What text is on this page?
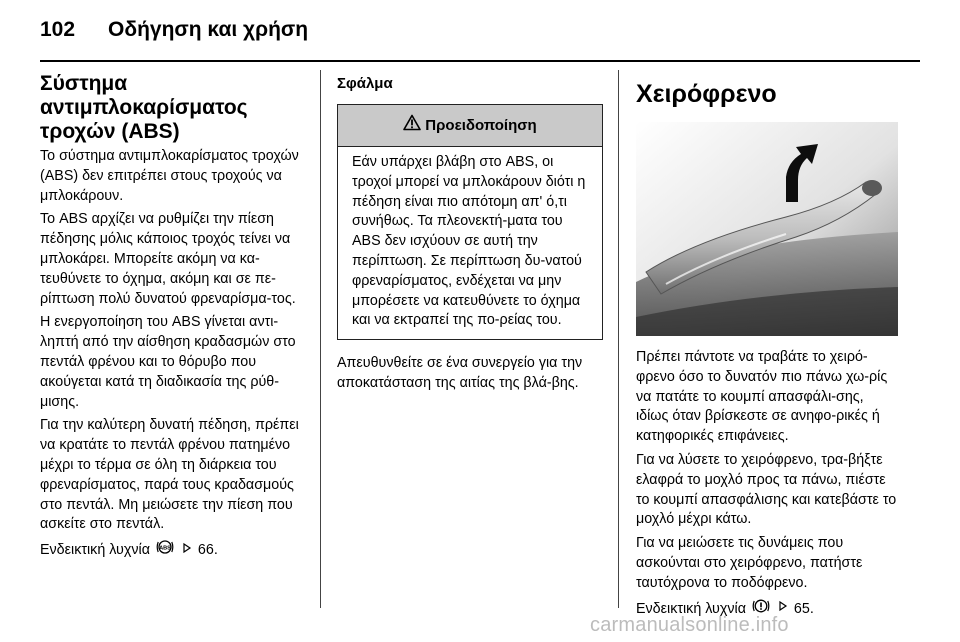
102	Οδήγηση και χρήση
Σύστημα
αντιμπλοκαρίσματος
τροχών (ABS)

Το σύστημα αντιμπλοκαρίσματος τροχών (ABS) δεν επιτρέπει στους τροχούς να μπλοκάρουν.

Το ABS αρχίζει να ρυθμίζει την πίεση πέδησης μόλις κάποιος τροχός τείνει να μπλοκάρει. Μπορείτε ακόμη να κα-τευθύνετε το όχημα, ακόμη και σε πε-ρίπτωση πολύ δυνατού φρεναρίσμα-τος.

Η ενεργοποίηση του ABS γίνεται αντι-ληπτή από την αίσθηση κραδασμών στο πεντάλ φρένου και το θόρυβο που ακούγεται κατά τη διαδικασία της ρύθ-μισης.

Για την καλύτερη δυνατή πέδηση, πρέπει να κρατάτε το πεντάλ φρένου πατημένο μέχρι το τέρμα σε όλη τη διάρκεια του φρεναρίσματος, παρά τους κραδασμούς στο πεντάλ. Μη μειώσετε την πίεση που ασκείτε στο πεντάλ.

Ενδεικτική λυχνία ABS 66.

Σφάλμα
Προειδοποίηση
Εάν υπάρχει βλάβη στο ABS, οι τροχοί μπορεί να μπλοκάρουν διότι η πέδηση είναι πιο απότομη απ' ό,τι συνήθως. Τα πλεονεκτή-ματα του ABS δεν ισχύουν σε αυτή την περίπτωση. Σε περίπτωση δυ-νατού φρεναρίσματος, ενδέχεται να μην μπορέσετε να κατευθύνετε το όχημα και να εκτραπεί της πο-ρείας του.

Απευθυνθείτε σε ένα συνεργείο για την αποκατάσταση της αιτίας της βλά-βης.

Χειρόφρενο

Πρέπει πάντοτε να τραβάτε το χειρό-φρενο όσο το δυνατόν πιο πάνω χω-ρίς να πατάτε το κουμπί απασφάλι-σης, ιδίως όταν βρίσκεστε σε ανηφο-ρικές ή κατηφορικές επιφάνειες.

Για να λύσετε το χειρόφρενο, τρα-βήξτε ελαφρά το μοχλό προς τα πάνω, πιέστε το κουμπί απασφάλισης και κατεβάστε το μοχλό μέχρι κάτω.

Για να μειώσετε τις δυνάμεις που ασκούνται στο χειρόφρενο, πατήστε ταυτόχρονα το ποδόφρενο.

Ενδεικτική λυχνία	65.

carmanualsonline.info
